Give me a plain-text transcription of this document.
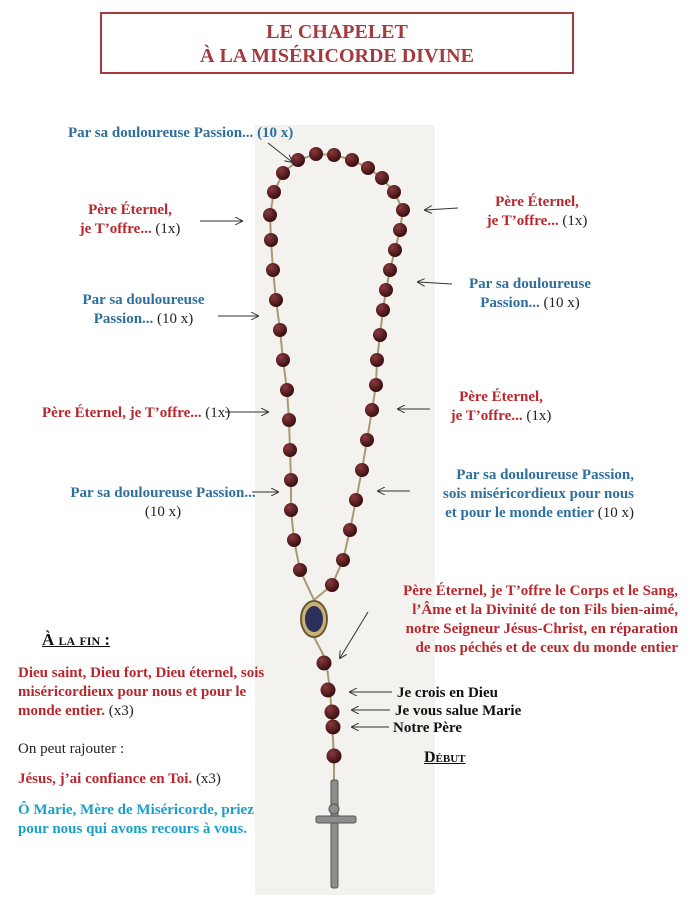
LE CHAPELET
À LA MISÉRICORDE DIVINE
Par sa douloureuse Passion... (10 x)
Père Éternel,
je T’offre... (1x)
Père Éternel,
je T’offre... (1x)
Par sa douloureuse
Passion... (10 x)
Par sa douloureuse
Passion... (10 x)
Père Éternel, je T’offre... (1x)
Père Éternel,
je T’offre... (1x)
Par sa douloureuse Passion...
(10 x)
Par sa douloureuse Passion,
sois miséricordieux pour nous
et pour le monde entier (10 x)
Père Éternel, je T’offre le Corps et le Sang,
l’Âme et la Divinité de ton Fils bien-aimé,
notre Seigneur Jésus-Christ, en réparation
de nos péchés et de ceux du monde entier
Je crois en Dieu
Je vous salue Marie
Notre Père
Début
À la fin :
Dieu saint, Dieu fort, Dieu éternel, sois
miséricordieux pour nous et pour le
monde entier. (x3)
On peut rajouter :
Jésus, j’ai confiance en Toi. (x3)
Ô Marie, Mère de Miséricorde, priez
pour nous qui avons recours à vous.
